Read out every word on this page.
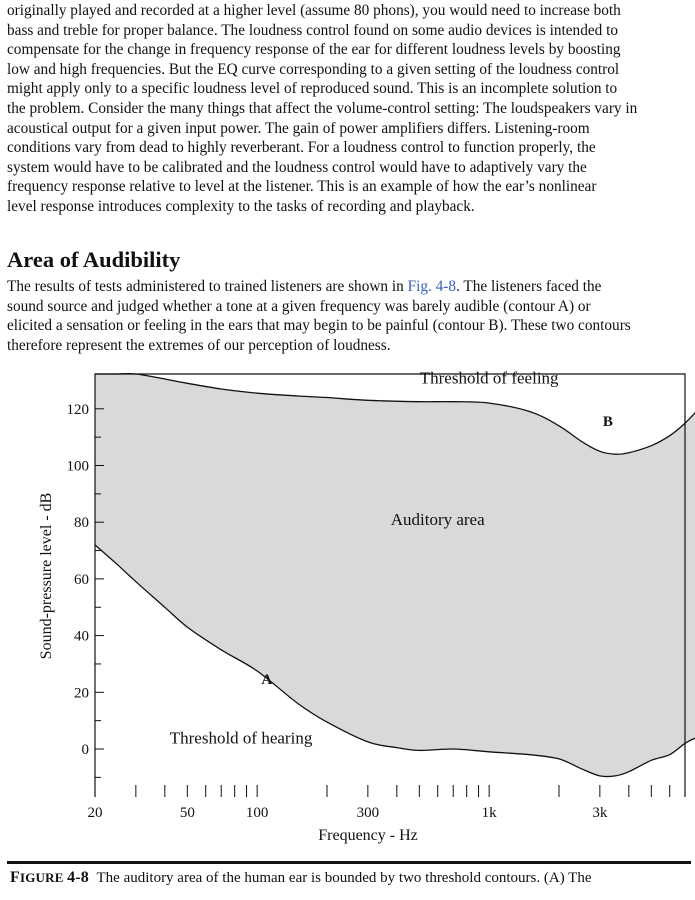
originally played and recorded at a higher level (assume 80 phons), you would need to increase both
bass and treble for proper balance. The loudness control found on some audio devices is intended to
compensate for the change in frequency response of the ear for different loudness levels by boosting
low and high frequencies. But the EQ curve corresponding to a given setting of the loudness control
might apply only to a specific loudness level of reproduced sound. This is an incomplete solution to
the problem. Consider the many things that affect the volume-control setting: The loudspeakers vary in
acoustical output for a given input power. The gain of power amplifiers differs. Listening-room
conditions vary from dead to highly reverberant. For a loudness control to function properly, the
system would have to be calibrated and the loudness control would have to adaptively vary the
frequency response relative to level at the listener. This is an example of how the ear’s nonlinear
level response introduces complexity to the tasks of recording and playback.

Area of Audibility

The results of tests administered to trained listeners are shown in Fig. 4-8. The listeners faced the
sound source and judged whether a tone at a given frequency was barely audible (contour A) or
elicited a sensation or feeling in the ears that may begin to be painful (contour B). These two contours
therefore represent the extremes of our perception of loudness.

0
20
40
60
80
100
120
20	50	100	300	1k	3k
Frequency - Hz
Sound-pressure level - dB
Threshold of feeling
B
Auditory area
A
Threshold of hearing

FIGURE 4-8 The auditory area of the human ear is bounded by two threshold contours. (A) The
